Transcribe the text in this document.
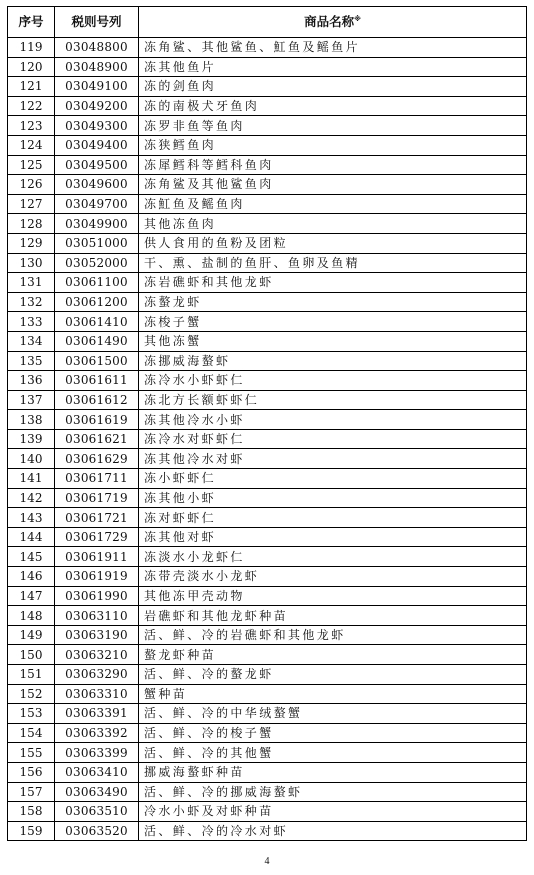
序号	税则号列	商品名称※
119	03048800	冻角鲨、其他鲨鱼、魟鱼及鳐鱼片
120	03048900	冻其他鱼片
121	03049100	冻的剑鱼肉
122	03049200	冻的南极犬牙鱼肉
123	03049300	冻罗非鱼等鱼肉
124	03049400	冻狭鳕鱼肉
125	03049500	冻犀鳕科等鳕科鱼肉
126	03049600	冻角鲨及其他鲨鱼肉
127	03049700	冻魟鱼及鳐鱼肉
128	03049900	其他冻鱼肉
129	03051000	供人食用的鱼粉及团粒
130	03052000	干、熏、盐制的鱼肝、鱼卵及鱼精
131	03061100	冻岩礁虾和其他龙虾
132	03061200	冻螯龙虾
133	03061410	冻梭子蟹
134	03061490	其他冻蟹
135	03061500	冻挪威海螯虾
136	03061611	冻冷水小虾虾仁
137	03061612	冻北方长额虾虾仁
138	03061619	冻其他冷水小虾
139	03061621	冻冷水对虾虾仁
140	03061629	冻其他冷水对虾
141	03061711	冻小虾虾仁
142	03061719	冻其他小虾
143	03061721	冻对虾虾仁
144	03061729	冻其他对虾
145	03061911	冻淡水小龙虾仁
146	03061919	冻带壳淡水小龙虾
147	03061990	其他冻甲壳动物
148	03063110	岩礁虾和其他龙虾种苗
149	03063190	活、鲜、冷的岩礁虾和其他龙虾
150	03063210	螯龙虾种苗
151	03063290	活、鲜、冷的螯龙虾
152	03063310	蟹种苗
153	03063391	活、鲜、冷的中华绒螯蟹
154	03063392	活、鲜、冷的梭子蟹
155	03063399	活、鲜、冷的其他蟹
156	03063410	挪威海螯虾种苗
157	03063490	活、鲜、冷的挪威海螯虾
158	03063510	冷水小虾及对虾种苗
159	03063520	活、鲜、冷的冷水对虾
4
